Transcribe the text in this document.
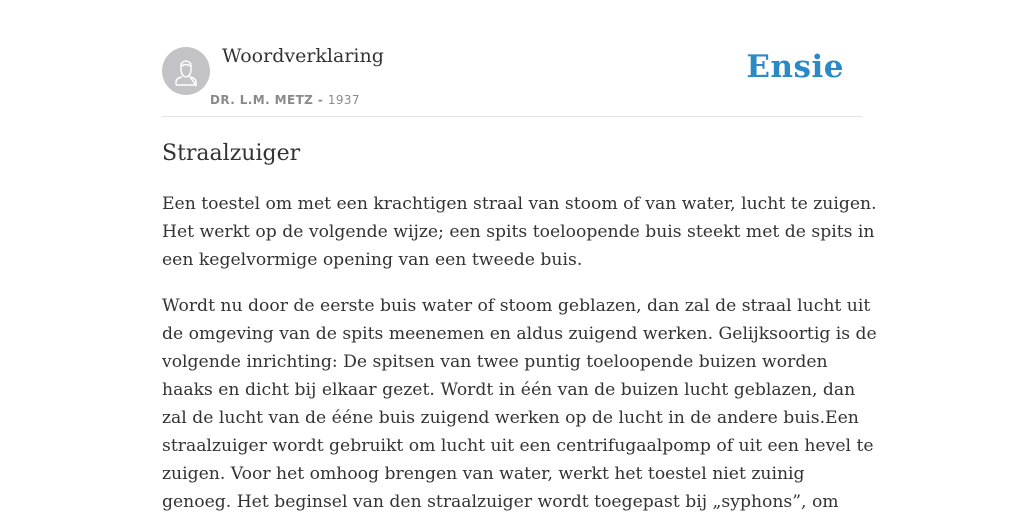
Woordverklaring
DR. L.M. METZ - 1937
Ensie
Straalzuiger

Een toestel om met een krachtigen straal van stoom of van water, lucht te zuigen.
Het werkt op de volgende wijze; een spits toeloopende buis steekt met de spits in
een kegelvormige opening van een tweede buis.

Wordt nu door de eerste buis water of stoom geblazen, dan zal de straal lucht uit
de omgeving van de spits meenemen en aldus zuigend werken. Gelijksoortig is de
volgende inrichting: De spitsen van twee puntig toeloopende buizen worden
haaks en dicht bij elkaar gezet. Wordt in één van de buizen lucht geblazen, dan
zal de lucht van de ééne buis zuigend werken op de lucht in de andere buis.Een
straalzuiger wordt gebruikt om lucht uit een centrifugaalpomp of uit een hevel te
zuigen. Voor het omhoog brengen van water, werkt het toestel niet zuinig
genoeg. Het beginsel van den straalzuiger wordt toegepast bij „syphons”, om
